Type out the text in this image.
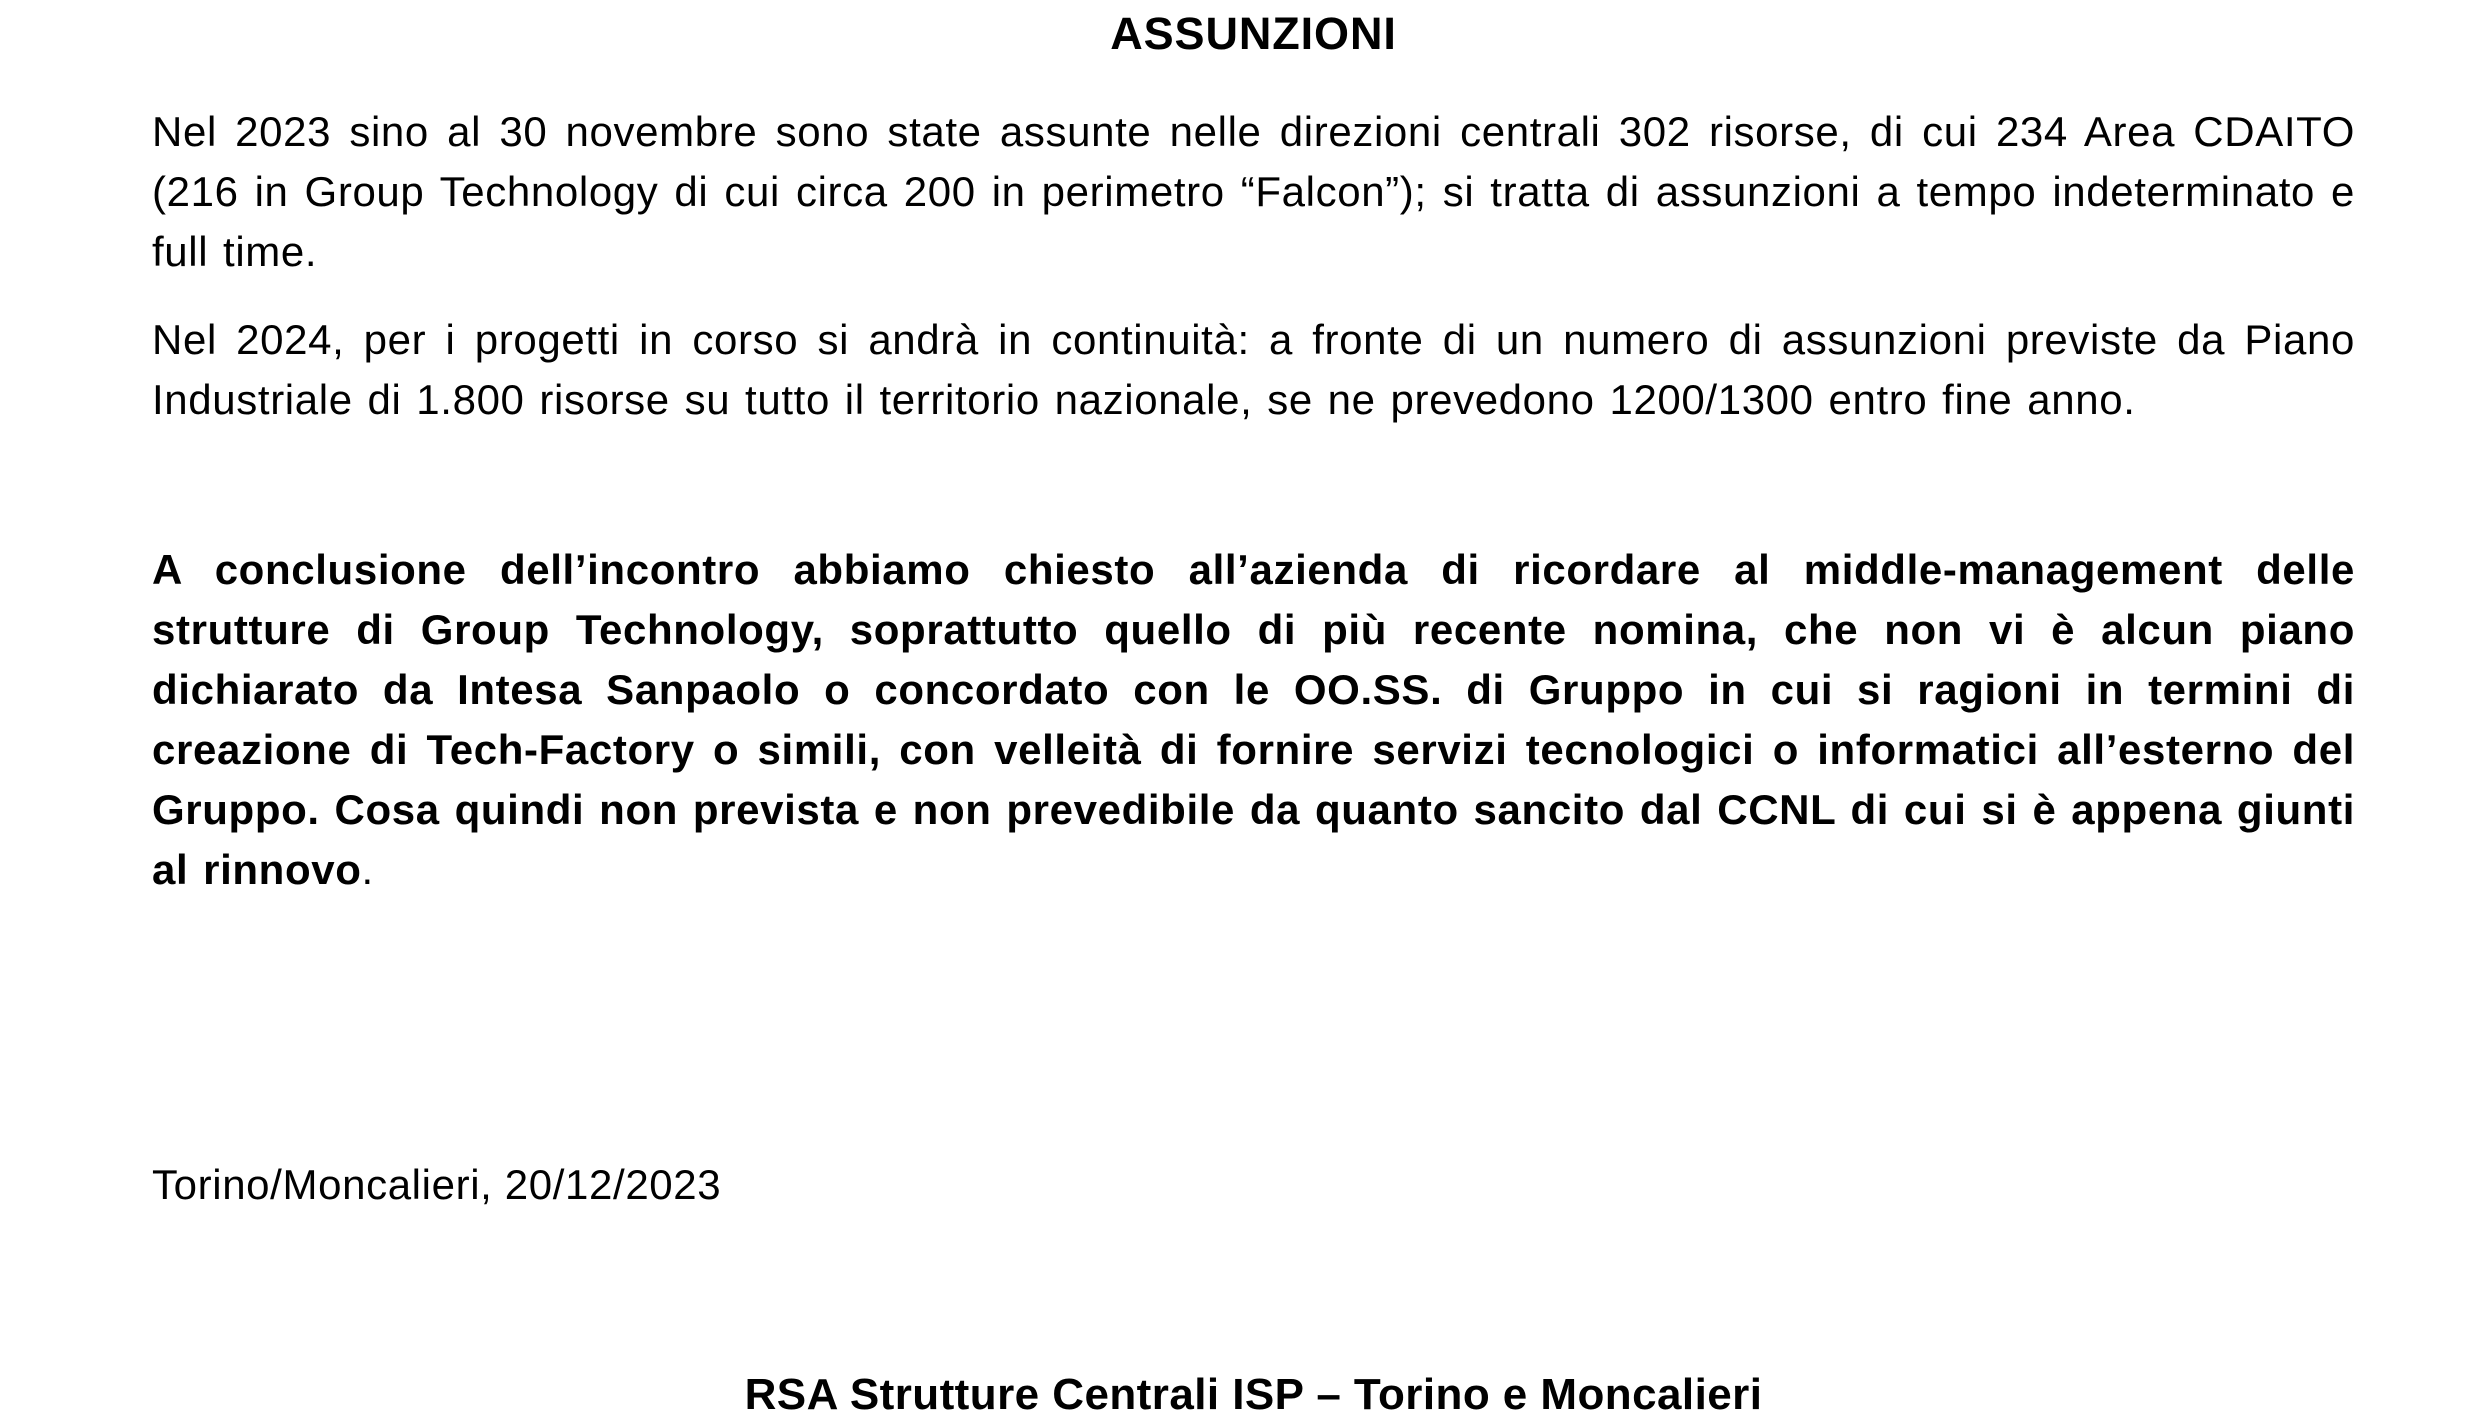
ASSUNZIONI

Nel 2023 sino al 30 novembre sono state assunte nelle direzioni centrali 302 risorse, di cui 234 Area CDAITO (216 in Group Technology di cui circa 200 in perimetro “Falcon”); si tratta di assunzioni a tempo indeterminato e full time.

Nel 2024, per i progetti in corso si andrà in continuità: a fronte di un numero di assunzioni previste da Piano Industriale di 1.800 risorse su tutto il territorio nazionale, se ne prevedono 1200/1300 entro fine anno.

A conclusione dell’incontro abbiamo chiesto all’azienda di ricordare al middle-management delle strutture di Group Technology, soprattutto quello di più recente nomina, che non vi è alcun piano dichiarato da Intesa Sanpaolo o concordato con le OO.SS. di Gruppo in cui si ragioni in termini di creazione di Tech-Factory o simili, con velleità di fornire servizi tecnologici o informatici all’esterno del Gruppo. Cosa quindi non prevista e non prevedibile da quanto sancito dal CCNL di cui si è appena giunti al rinnovo.

Torino/Moncalieri, 20/12/2023

RSA Strutture Centrali ISP – Torino e Moncalieri
